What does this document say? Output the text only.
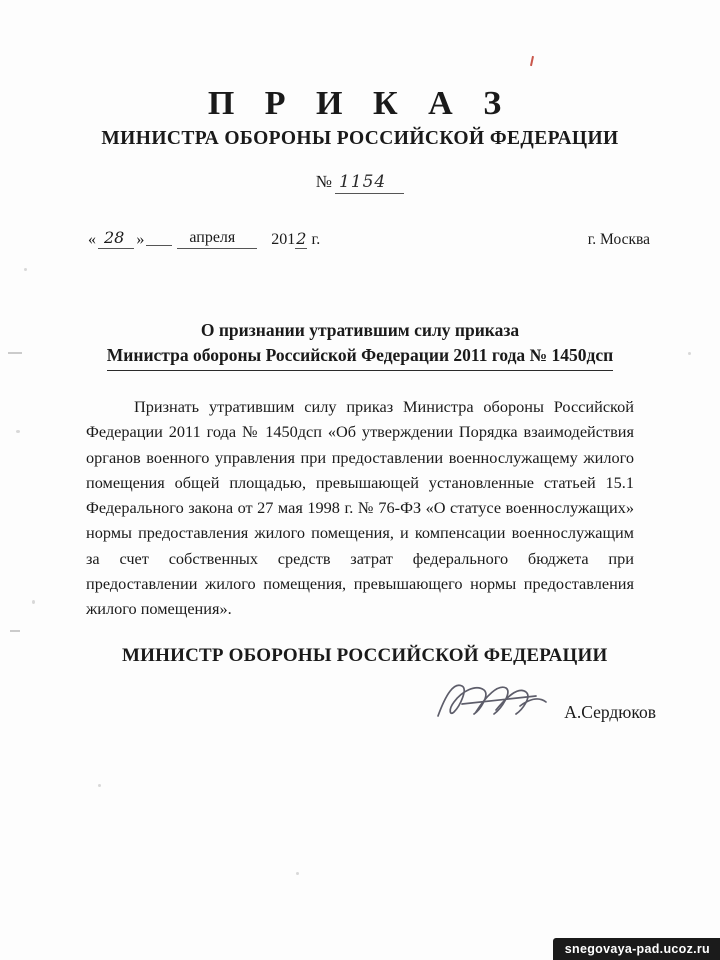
П Р И К А З
МИНИСТРА ОБОРОНЫ РОССИЙСКОЙ ФЕДЕРАЦИИ
№ 1154
« 28 »	апреля	2012 г.	г. Москва
О признании утратившим силу приказа
Министра обороны Российской Федерации 2011 года № 1450дсп
Признать утратившим силу приказ Министра обороны Российской Федерации 2011 года № 1450дсп «Об утверждении Порядка взаимодействия органов военного управления при предоставлении военнослужащему жилого помещения общей площадью, превышающей установленные статьей 15.1 Федерального закона от 27 мая 1998 г. № 76-ФЗ «О статусе военнослужащих» нормы предоставления жилого помещения, и компенсации военнослужащим за счет собственных средств затрат федерального бюджета при предоставлении жилого помещения, превышающего нормы предоставления жилого помещения».
МИНИСТР ОБОРОНЫ РОССИЙСКОЙ ФЕДЕРАЦИИ
А.Сердюков
snegovaya-pad.ucoz.ru
